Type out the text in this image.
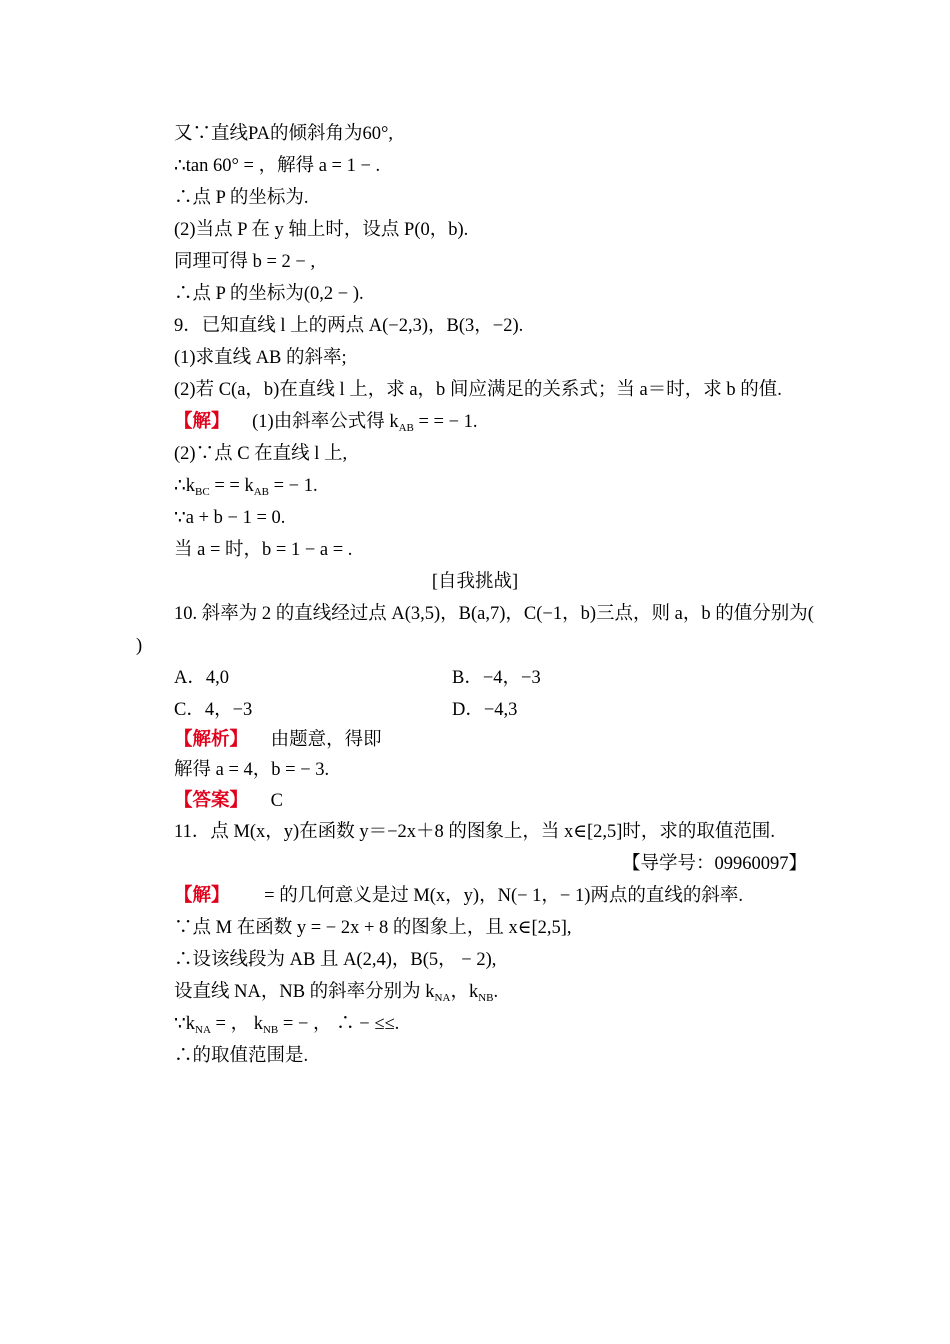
又∵直线PA的倾斜角为60°,
∴tan 60° = ，解得 a = 1 − .
∴点 P 的坐标为.
(2)当点 P 在 y 轴上时，设点 P(0，b).
同理可得 b = 2 − ,
∴点 P 的坐标为(0,2 − ).
9．已知直线 l 上的两点 A(−2,3)，B(3，−2).
(1)求直线 AB 的斜率;
(2)若 C(a，b)在直线 l 上，求 a，b 间应满足的关系式；当 a＝时，求 b 的值.
【解】 (1)由斜率公式得 $k_{AB}$ = = − 1.
(2)∵点 C 在直线 l 上,
$\therefore k_{BC}$ = = $k_{AB}$ = − 1.
∵a + b − 1 = 0.
当 a = 时，b = 1 − a = .
[自我挑战]
10. 斜率为 2 的直线经过点 A(3,5)，B(a,7)，C(−1，b)三点，则 a，b 的值分别为(
)
A．4,0	B．−4，−3
C．4，−3	D．−4,3
【解析】 由题意，得即
解得 a = 4，b = − 3.
【答案】 C
11．点 M(x，y)在函数 y＝−2x＋8 的图象上，当 x∈[2,5]时，求的取值范围.
【导学号：09960097】
【解】 = 的几何意义是过 M(x，y)，N(− 1，− 1)两点的直线的斜率.
∵点 M 在函数 y = − 2x + 8 的图象上，且 x∈[2,5],
∴设该线段为 AB 且 A(2,4)，B(5， − 2),
设直线 NA，NB 的斜率分别为 $k_{NA}$，$k_{NB}$.
$\because k_{NA}$ = ， $k_{NB}$ = − ， ∴ − ≤≤.
∴的取值范围是.
